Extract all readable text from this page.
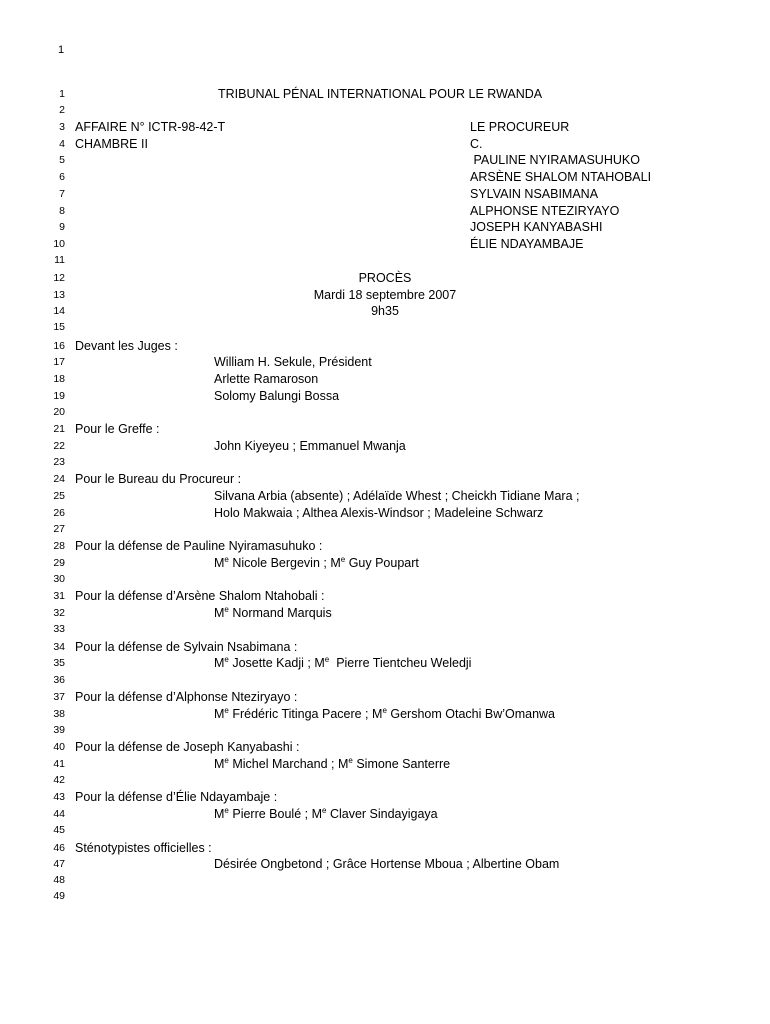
1
1	TRIBUNAL PÉNAL INTERNATIONAL POUR LE RWANDA
2
3 AFFAIRE N° ICTR-98-42-T	LE PROCUREUR
4 CHAMBRE II	C.
5	PAULINE NYIRAMASUHUKO
6	ARSÈNE SHALOM NTAHOBALI
7	SYLVAIN NSABIMANA
8	ALPHONSE NTEZIRYAYO
9	JOSEPH KANYABASHI
10	ÉLIE NDAYAMBAJE
11
12	PROCÈS
13	Mardi 18 septembre 2007
14	9h35
15
16 Devant les Juges :
17	William H. Sekule, Président
18	Arlette Ramaroson
19	Solomy Balungi Bossa
20
21 Pour le Greffe :
22	John Kiyeyeu ; Emmanuel Mwanja
23
24 Pour le Bureau du Procureur :
25	Silvana Arbia (absente) ; Adélaïde Whest ; Cheickh Tidiane Mara ;
26	Holo Makwaia ; Althea Alexis-Windsor ; Madeleine Schwarz
27
28 Pour la défense de Pauline Nyiramasuhuko :
29	Me Nicole Bergevin ; Me Guy Poupart
30
31 Pour la défense d’Arsène Shalom Ntahobali :
32	Me Normand Marquis
33
34 Pour la défense de Sylvain Nsabimana :
35	Me Josette Kadji ; Me  Pierre Tientcheu Weledji
36
37 Pour la défense d’Alphonse Nteziryayo :
38	Me Frédéric Titinga Pacere ; Me Gershom Otachi Bw’Omanwa
39
40 Pour la défense de Joseph Kanyabashi :
41	Me Michel Marchand ; Me Simone Santerre
42
43 Pour la défense d’Élie Ndayambaje :
44	Me Pierre Boulé ; Me Claver Sindayigaya
45
46 Sténotypistes officielles :
47	Désirée Ongbetond ; Grâce Hortense Mboua ; Albertine Obam
48
49
